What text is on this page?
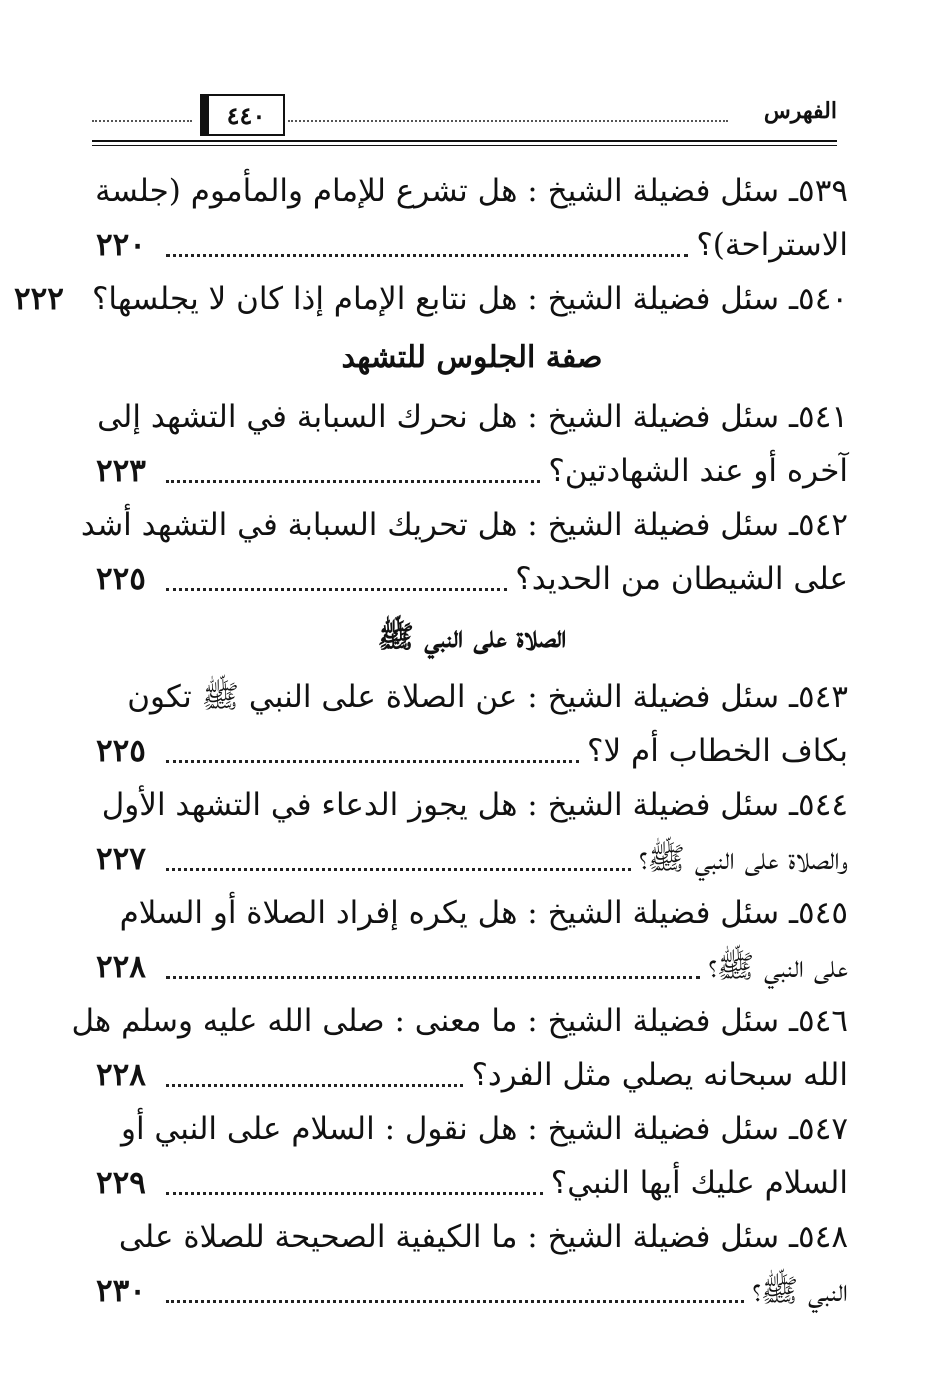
الفهرس
٤٤٠
٥٣٩ـ سئل فضيلة الشيخ : هل تشرع للإمام والمأموم (جلسة
الاستراحة)؟
٢٢٠
٥٤٠ـ سئل فضيلة الشيخ : هل نتابع الإمام إذا كان لا يجلسها؟
٢٢٢
صفة الجلوس للتشهد
٥٤١ـ سئل فضيلة الشيخ : هل نحرك السبابة في التشهد إلى
آخره أو عند الشهادتين؟
٢٢٣
٥٤٢ـ سئل فضيلة الشيخ : هل تحريك السبابة في التشهد أشد
على الشيطان من الحديد؟
٢٢٥
الصلاة على النبي ﷺ
٥٤٣ـ سئل فضيلة الشيخ : عن الصلاة على النبي ﷺ تكون
بكاف الخطاب أم لا؟
٢٢٥
٥٤٤ـ سئل فضيلة الشيخ : هل يجوز الدعاء في التشهد الأول
والصلاة على النبي ﷺ؟
٢٢٧
٥٤٥ـ سئل فضيلة الشيخ : هل يكره إفراد الصلاة أو السلام
على النبي ﷺ؟
٢٢٨
٥٤٦ـ سئل فضيلة الشيخ : ما معنى : صلى الله عليه وسلم هل
الله سبحانه يصلي مثل الفرد؟
٢٢٨
٥٤٧ـ سئل فضيلة الشيخ : هل نقول : السلام على النبي أو
السلام عليك أيها النبي؟
٢٢٩
٥٤٨ـ سئل فضيلة الشيخ : ما الكيفية الصحيحة للصلاة على
النبي ﷺ؟
٢٣٠
